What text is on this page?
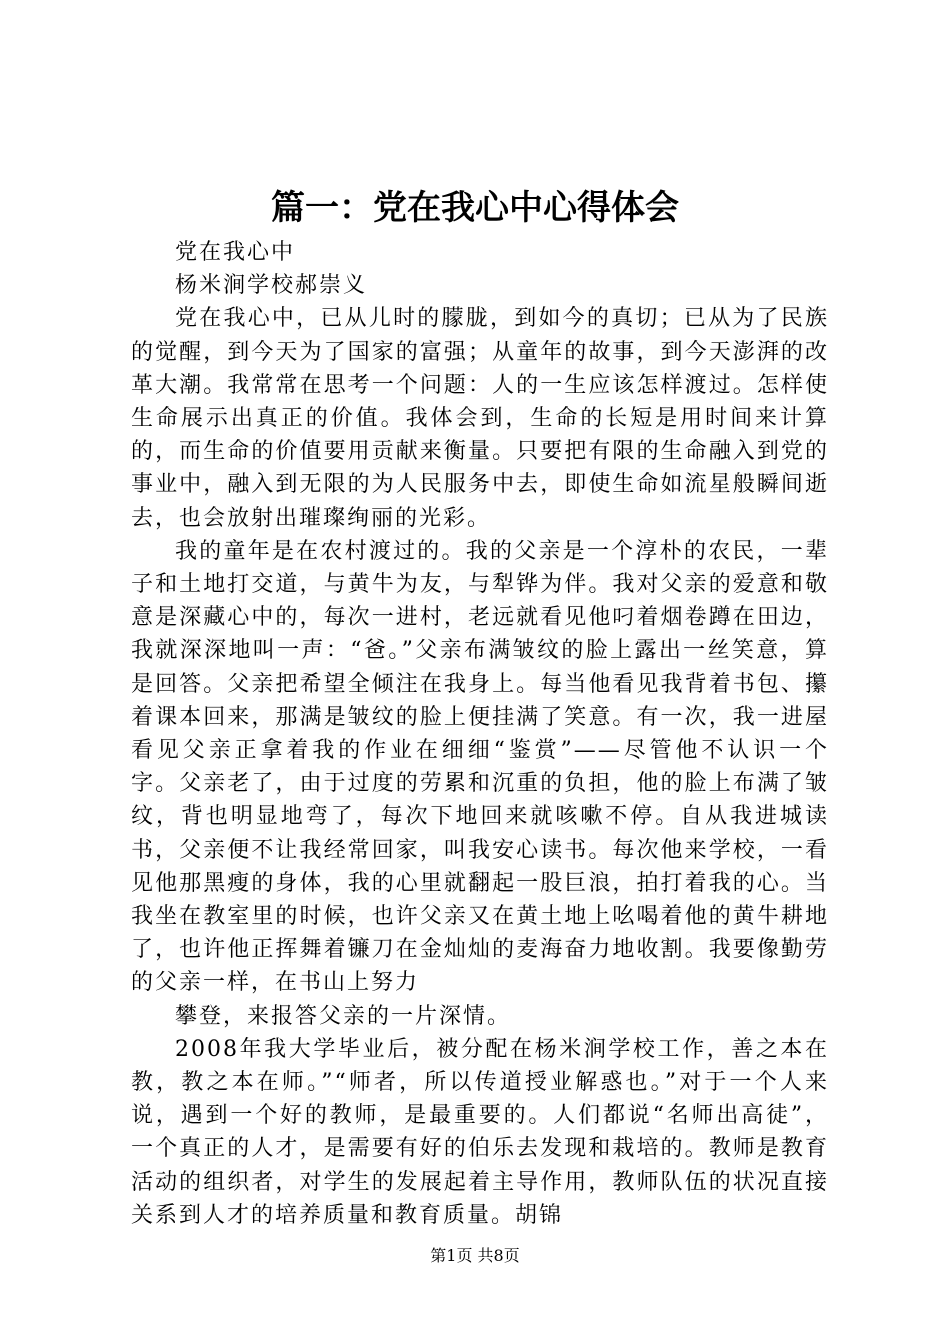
篇一：党在我心中心得体会

党在我心中

杨米涧学校郝崇义

党在我心中，已从儿时的朦胧，到如今的真切；已从为了民族的觉醒，到今天为了国家的富强；从童年的故事，到今天澎湃的改革大潮。我常常在思考一个问题：人的一生应该怎样渡过。怎样使生命展示出真正的价值。我体会到，生命的长短是用时间来计算的，而生命的价值要用贡献来衡量。只要把有限的生命融入到党的事业中，融入到无限的为人民服务中去，即使生命如流星般瞬间逝去，也会放射出璀璨绚丽的光彩。

我的童年是在农村渡过的。我的父亲是一个淳朴的农民，一辈子和土地打交道，与黄牛为友，与犁铧为伴。我对父亲的爱意和敬意是深藏心中的，每次一进村，老远就看见他叼着烟卷蹲在田边，我就深深地叫一声：“爸。”父亲布满皱纹的脸上露出一丝笑意，算是回答。父亲把希望全倾注在我身上。每当他看见我背着书包、攥着课本回来，那满是皱纹的脸上便挂满了笑意。有一次，我一进屋看见父亲正拿着我的作业在细细“鉴赏”——尽管他不认识一个字。父亲老了，由于过度的劳累和沉重的负担，他的脸上布满了皱纹，背也明显地弯了，每次下地回来就咳嗽不停。自从我进城读书，父亲便不让我经常回家，叫我安心读书。每次他来学校，一看见他那黑瘦的身体，我的心里就翻起一股巨浪，拍打着我的心。当我坐在教室里的时候，也许父亲又在黄土地上吆喝着他的黄牛耕地了，也许他正挥舞着镰刀在金灿灿的麦海奋力地收割。我要像勤劳的父亲一样，在书山上努力

攀登，来报答父亲的一片深情。

2008年我大学毕业后，被分配在杨米涧学校工作，善之本在教，教之本在师。”“师者，所以传道授业解惑也。”对于一个人来说，遇到一个好的教师，是最重要的。人们都说“名师出高徒”，一个真正的人才，是需要有好的伯乐去发现和栽培的。教师是教育活动的组织者，对学生的发展起着主导作用，教师队伍的状况直接关系到人才的培养质量和教育质量。胡锦

第1页 共8页
